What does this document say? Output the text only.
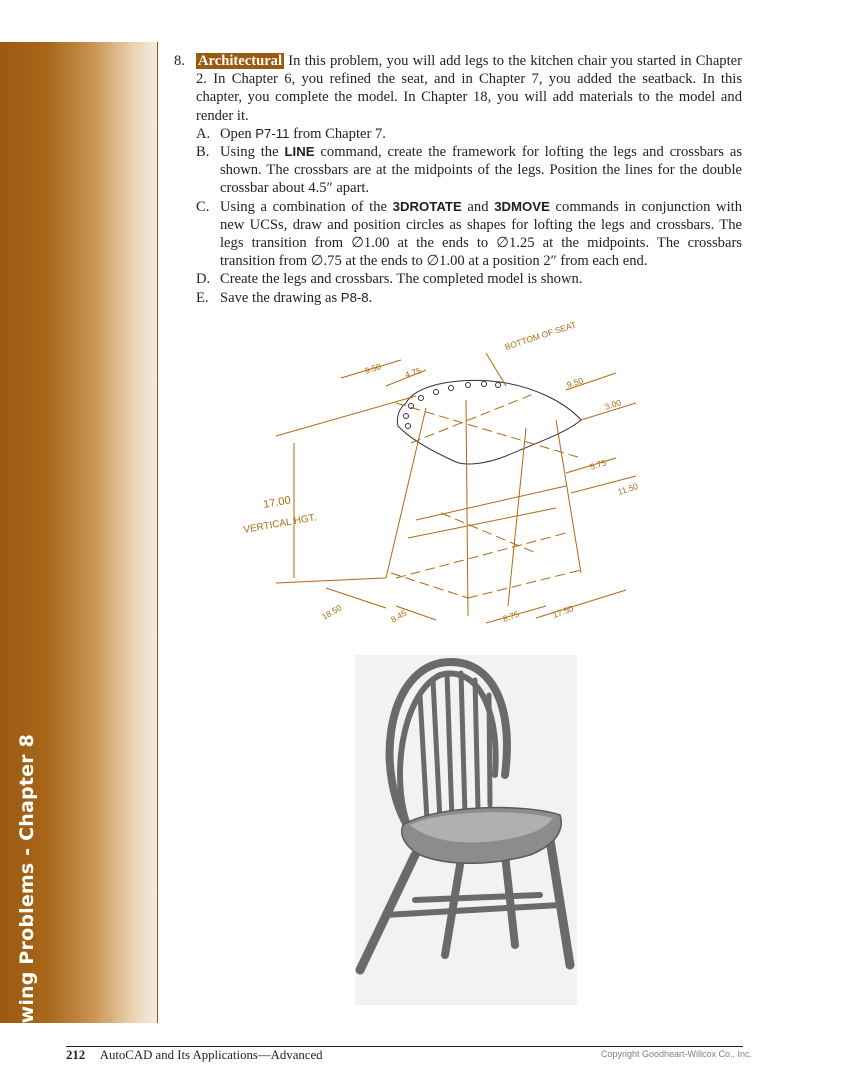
Drawing Problems - Chapter 8
8. Architectural In this problem, you will add legs to the kitchen chair you started in Chapter 2. In Chapter 6, you refined the seat, and in Chapter 7, you added the seatback. In this chapter, you complete the model. In Chapter 18, you will add materials to the model and render it.
A. Open P7-11 from Chapter 7.
B. Using the LINE command, create the framework for lofting the legs and crossbars as shown. The crossbars are at the midpoints of the legs. Position the lines for the double crossbar about 4.5″ apart.
C. Using a combination of the 3DROTATE and 3DMOVE commands in conjunction with new UCSs, draw and position circles as shapes for lofting the legs and crossbars. The legs transition from ∅1.00 at the ends to ∅1.25 at the midpoints. The crossbars transition from ∅.75 at the ends to ∅1.00 at a position 2″ from each end.
D. Create the legs and crossbars. The completed model is shown.
E. Save the drawing as P8-8.
BOTTOM OF SEAT
9.50 4.75
9.50
3.00
5.75
11.50
17.00
VERTICAL HGT.
18.50	8.45	8.75	17.50
212 AutoCAD and Its Applications—Advanced	Copyright Goodheart-Willcox Co., Inc.
